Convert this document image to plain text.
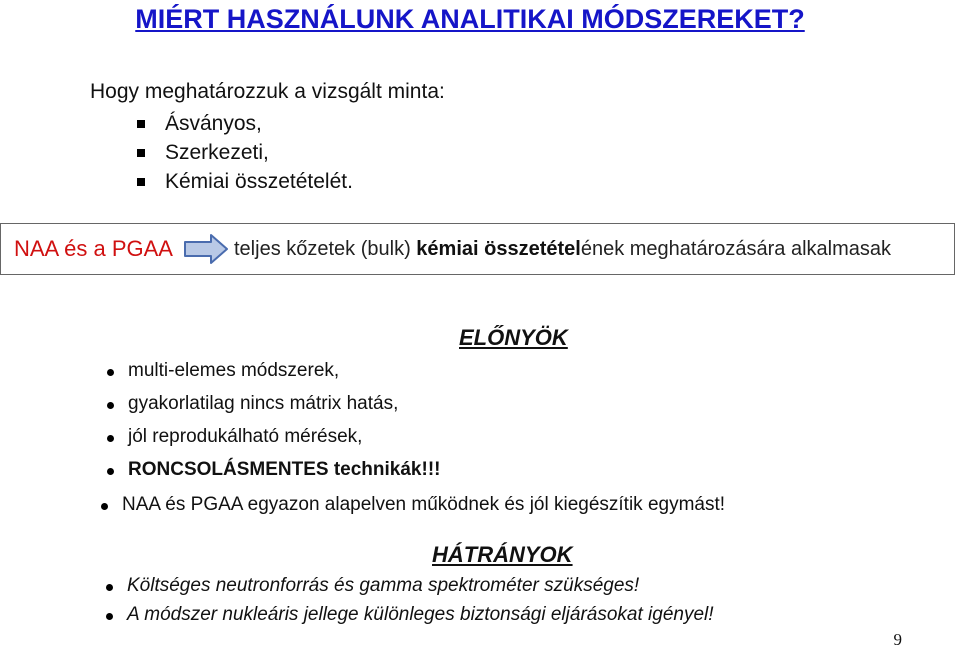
MIÉRT HASZNÁLUNK ANALITIKAI MÓDSZEREKET?
Hogy meghatározzuk a vizsgált minta:
Ásványos,
Szerkezeti,
Kémiai összetételét.
NAA és a PGAA	teljes kőzetek (bulk) kémiai összetételének meghatározására alkalmasak
ELŐNYÖK
multi-elemes módszerek,
gyakorlatilag nincs mátrix hatás,
jól reprodukálható mérések,
RONCSOLÁSMENTES technikák!!!
NAA és PGAA egyazon alapelven működnek és jól kiegészítik egymást!
HÁTRÁNYOK
Költséges neutronforrás és gamma spektrométer szükséges!
A módszer nukleáris jellege különleges biztonsági eljárásokat igényel!
9
